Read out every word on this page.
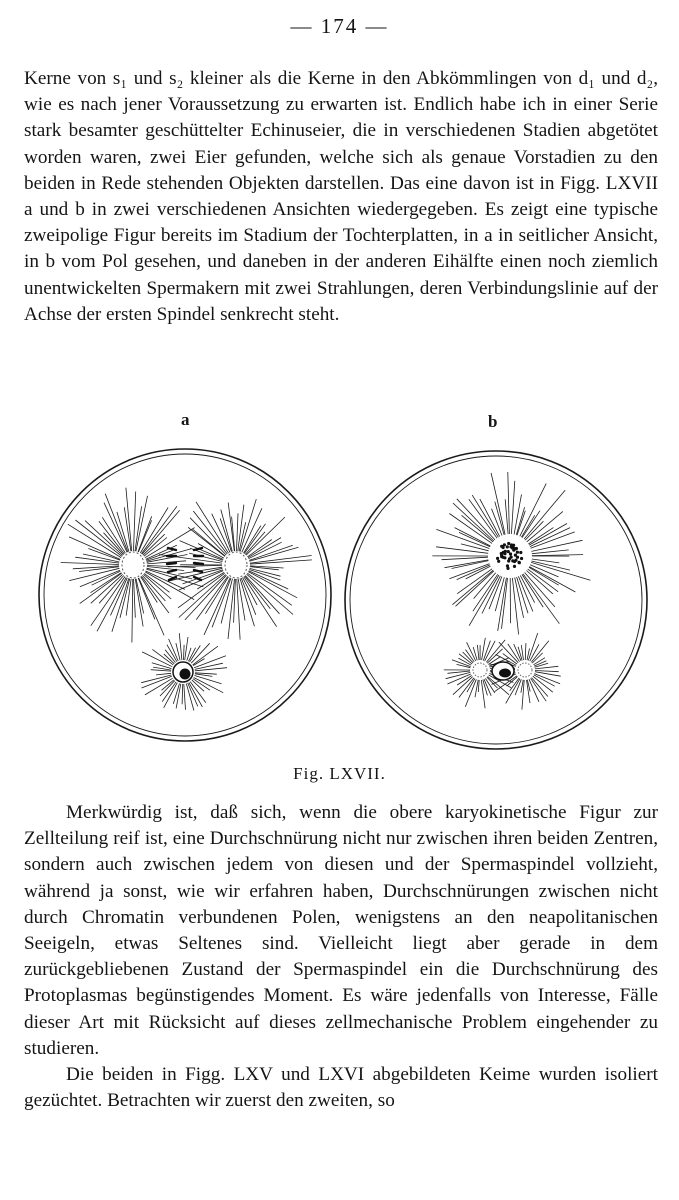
— 174 —

Kerne von s₁ und s₂ kleiner als die Kerne in den Abkömmlingen von d₁ und d₂, wie es nach jener Voraussetzung zu erwarten ist. Endlich habe ich in einer Serie stark besamter geschüttelter Echinuseier, die in verschiedenen Stadien abgetötet worden waren, zwei Eier gefunden, welche sich als genaue Vorstadien zu den beiden in Rede stehenden Objekten darstellen. Das eine davon ist in Figg. LXVII a und b in zwei verschiedenen Ansichten wiedergegeben. Es zeigt eine typische zweipolige Figur bereits im Stadium der Tochterplatten, in a in seitlicher Ansicht, in b vom Pol gesehen, und daneben in der anderen Eihälfte einen noch ziemlich unentwickelten Spermakern mit zwei Strahlungen, deren Verbindungslinie auf der Achse der ersten Spindel senkrecht steht.

a	b
Fig. LXVII.

Merkwürdig ist, daß sich, wenn die obere karyokinetische Figur zur Zellteilung reif ist, eine Durchschnürung nicht nur zwischen ihren beiden Zentren, sondern auch zwischen jedem von diesen und der Spermaspindel vollzieht, während ja sonst, wie wir erfahren haben, Durchschnürungen zwischen nicht durch Chromatin verbundenen Polen, wenigstens an den neapolitanischen Seeigeln, etwas Seltenes sind. Vielleicht liegt aber gerade in dem zurückgebliebenen Zustand der Spermaspindel ein die Durchschnürung des Protoplasmas begünstigendes Moment. Es wäre jedenfalls von Interesse, Fälle dieser Art mit Rücksicht auf dieses zellmechanische Problem eingehender zu studieren.

Die beiden in Figg. LXV und LXVI abgebildeten Keime wurden isoliert gezüchtet. Betrachten wir zuerst den zweiten, so
